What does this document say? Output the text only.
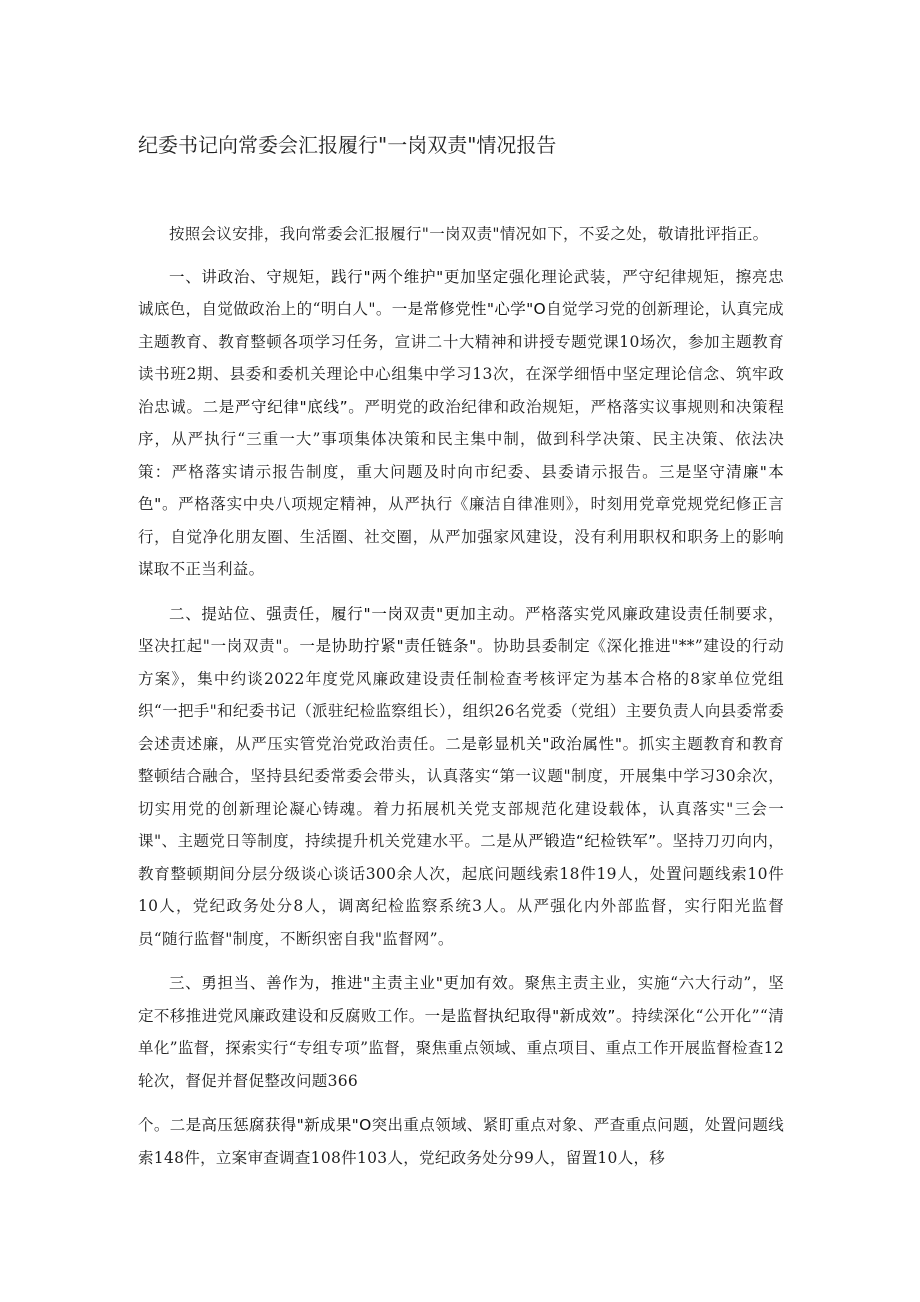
纪委书记向常委会汇报履行"一岗双责"情况报告

按照会议安排，我向常委会汇报履行"一岗双责"情况如下，不妥之处，敬请批评指正。

一、讲政治、守规矩，践行"两个维护"更加坚定强化理论武装，严守纪律规矩，擦亮忠诚底色，自觉做政治上的“明白人"。一是常修党性"心学"O自觉学习党的创新理论，认真完成主题教育、教育整顿各项学习任务，宣讲二十大精神和讲授专题党课10场次，参加主题教育读书班2期、县委和委机关理论中心组集中学习13次，在深学细悟中坚定理论信念、筑牢政治忠诚。二是严守纪律"底线”。严明党的政治纪律和政治规矩，严格落实议事规则和决策程序，从严执行“三重一大”事项集体决策和民主集中制，做到科学决策、民主决策、依法决策：严格落实请示报告制度，重大问题及时向市纪委、县委请示报告。三是坚守清廉"本色"。严格落实中央八项规定精神，从严执行《廉洁自律准则》，时刻用党章党规党纪修正言行，自觉净化朋友圈、生活圈、社交圈，从严加强家风建设，没有利用职权和职务上的影响谋取不正当利益。

二、提站位、强责任，履行"一岗双责"更加主动。严格落实党风廉政建设责任制要求，坚决扛起"一岗双责"。一是协助拧紧"责任链条"。协助县委制定《深化推进"**”建设的行动方案》，集中约谈2022年度党风廉政建设责任制检查考核评定为基本合格的8家单位党组织“一把手"和纪委书记（派驻纪检监察组长），组织26名党委（党组）主要负责人向县委常委会述责述廉，从严压实管党治党政治责任。二是彰显机关"政治属性"。抓实主题教育和教育整顿结合融合，坚持县纪委常委会带头，认真落实“第一议题"制度，开展集中学习30余次，切实用党的创新理论凝心铸魂。着力拓展机关党支部规范化建设载体，认真落实"三会一课"、主题党日等制度，持续提升机关党建水平。二是从严锻造“纪检铁军”。坚持刀刃向内，教育整顿期间分层分级谈心谈话300余人次，起底问题线索18件19人，处置问题线索10件10人，党纪政务处分8人，调离纪检监察系统3人。从严强化内外部监督，实行阳光监督员“随行监督"制度，不断织密自我"监督网”。

三、勇担当、善作为，推进"主责主业"更加有效。聚焦主责主业，实施“六大行动”，坚定不移推进党风廉政建设和反腐败工作。一是监督执纪取得"新成效”。持续深化“公开化”“清单化”监督，探索实行“专组专项”监督，聚焦重点领域、重点项目、重点工作开展监督检查12轮次，督促并督促整改问题366

个。二是高压惩腐获得"新成果"O突出重点领域、紧盯重点对象、严查重点问题，处置问题线索148件，立案审查调查108件103人，党纪政务处分99人，留置10人，移
